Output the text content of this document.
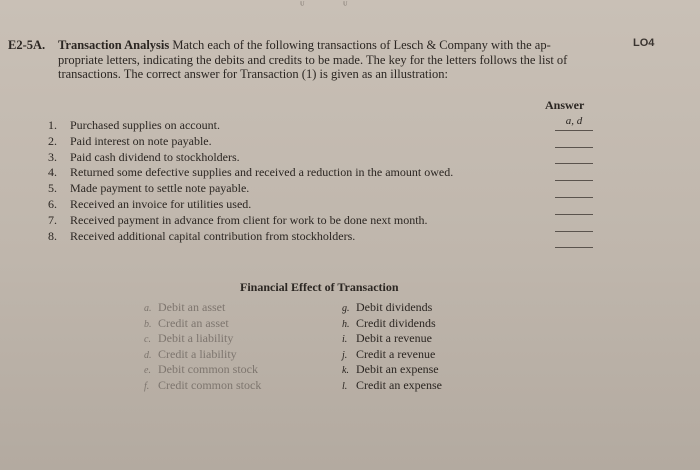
ᵁ ᵁ
E2-5A.	LO4
Transaction Analysis Match each of the following transactions of Lesch & Company with the ap-
propriate letters, indicating the debits and credits to be made. The key for the letters follows the list of
transactions. The correct answer for Transaction (1) is given as an illustration:
Answer
1. Purchased supplies on account.
2. Paid interest on note payable.
3. Paid cash dividend to stockholders.
4. Returned some defective supplies and received a reduction in the amount owed.
5. Made payment to settle note payable.
6. Received an invoice for utilities used.
7. Received payment in advance from client for work to be done next month.
8. Received additional capital contribution from stockholders.
a, d
Financial Effect of Transaction
a. Debit an asset
b. Credit an asset
c. Debit a liability
d. Credit a liability
e. Debit common stock
f. Credit common stock
g. Debit dividends
h. Credit dividends
i. Debit a revenue
j. Credit a revenue
k. Debit an expense
l. Credit an expense
